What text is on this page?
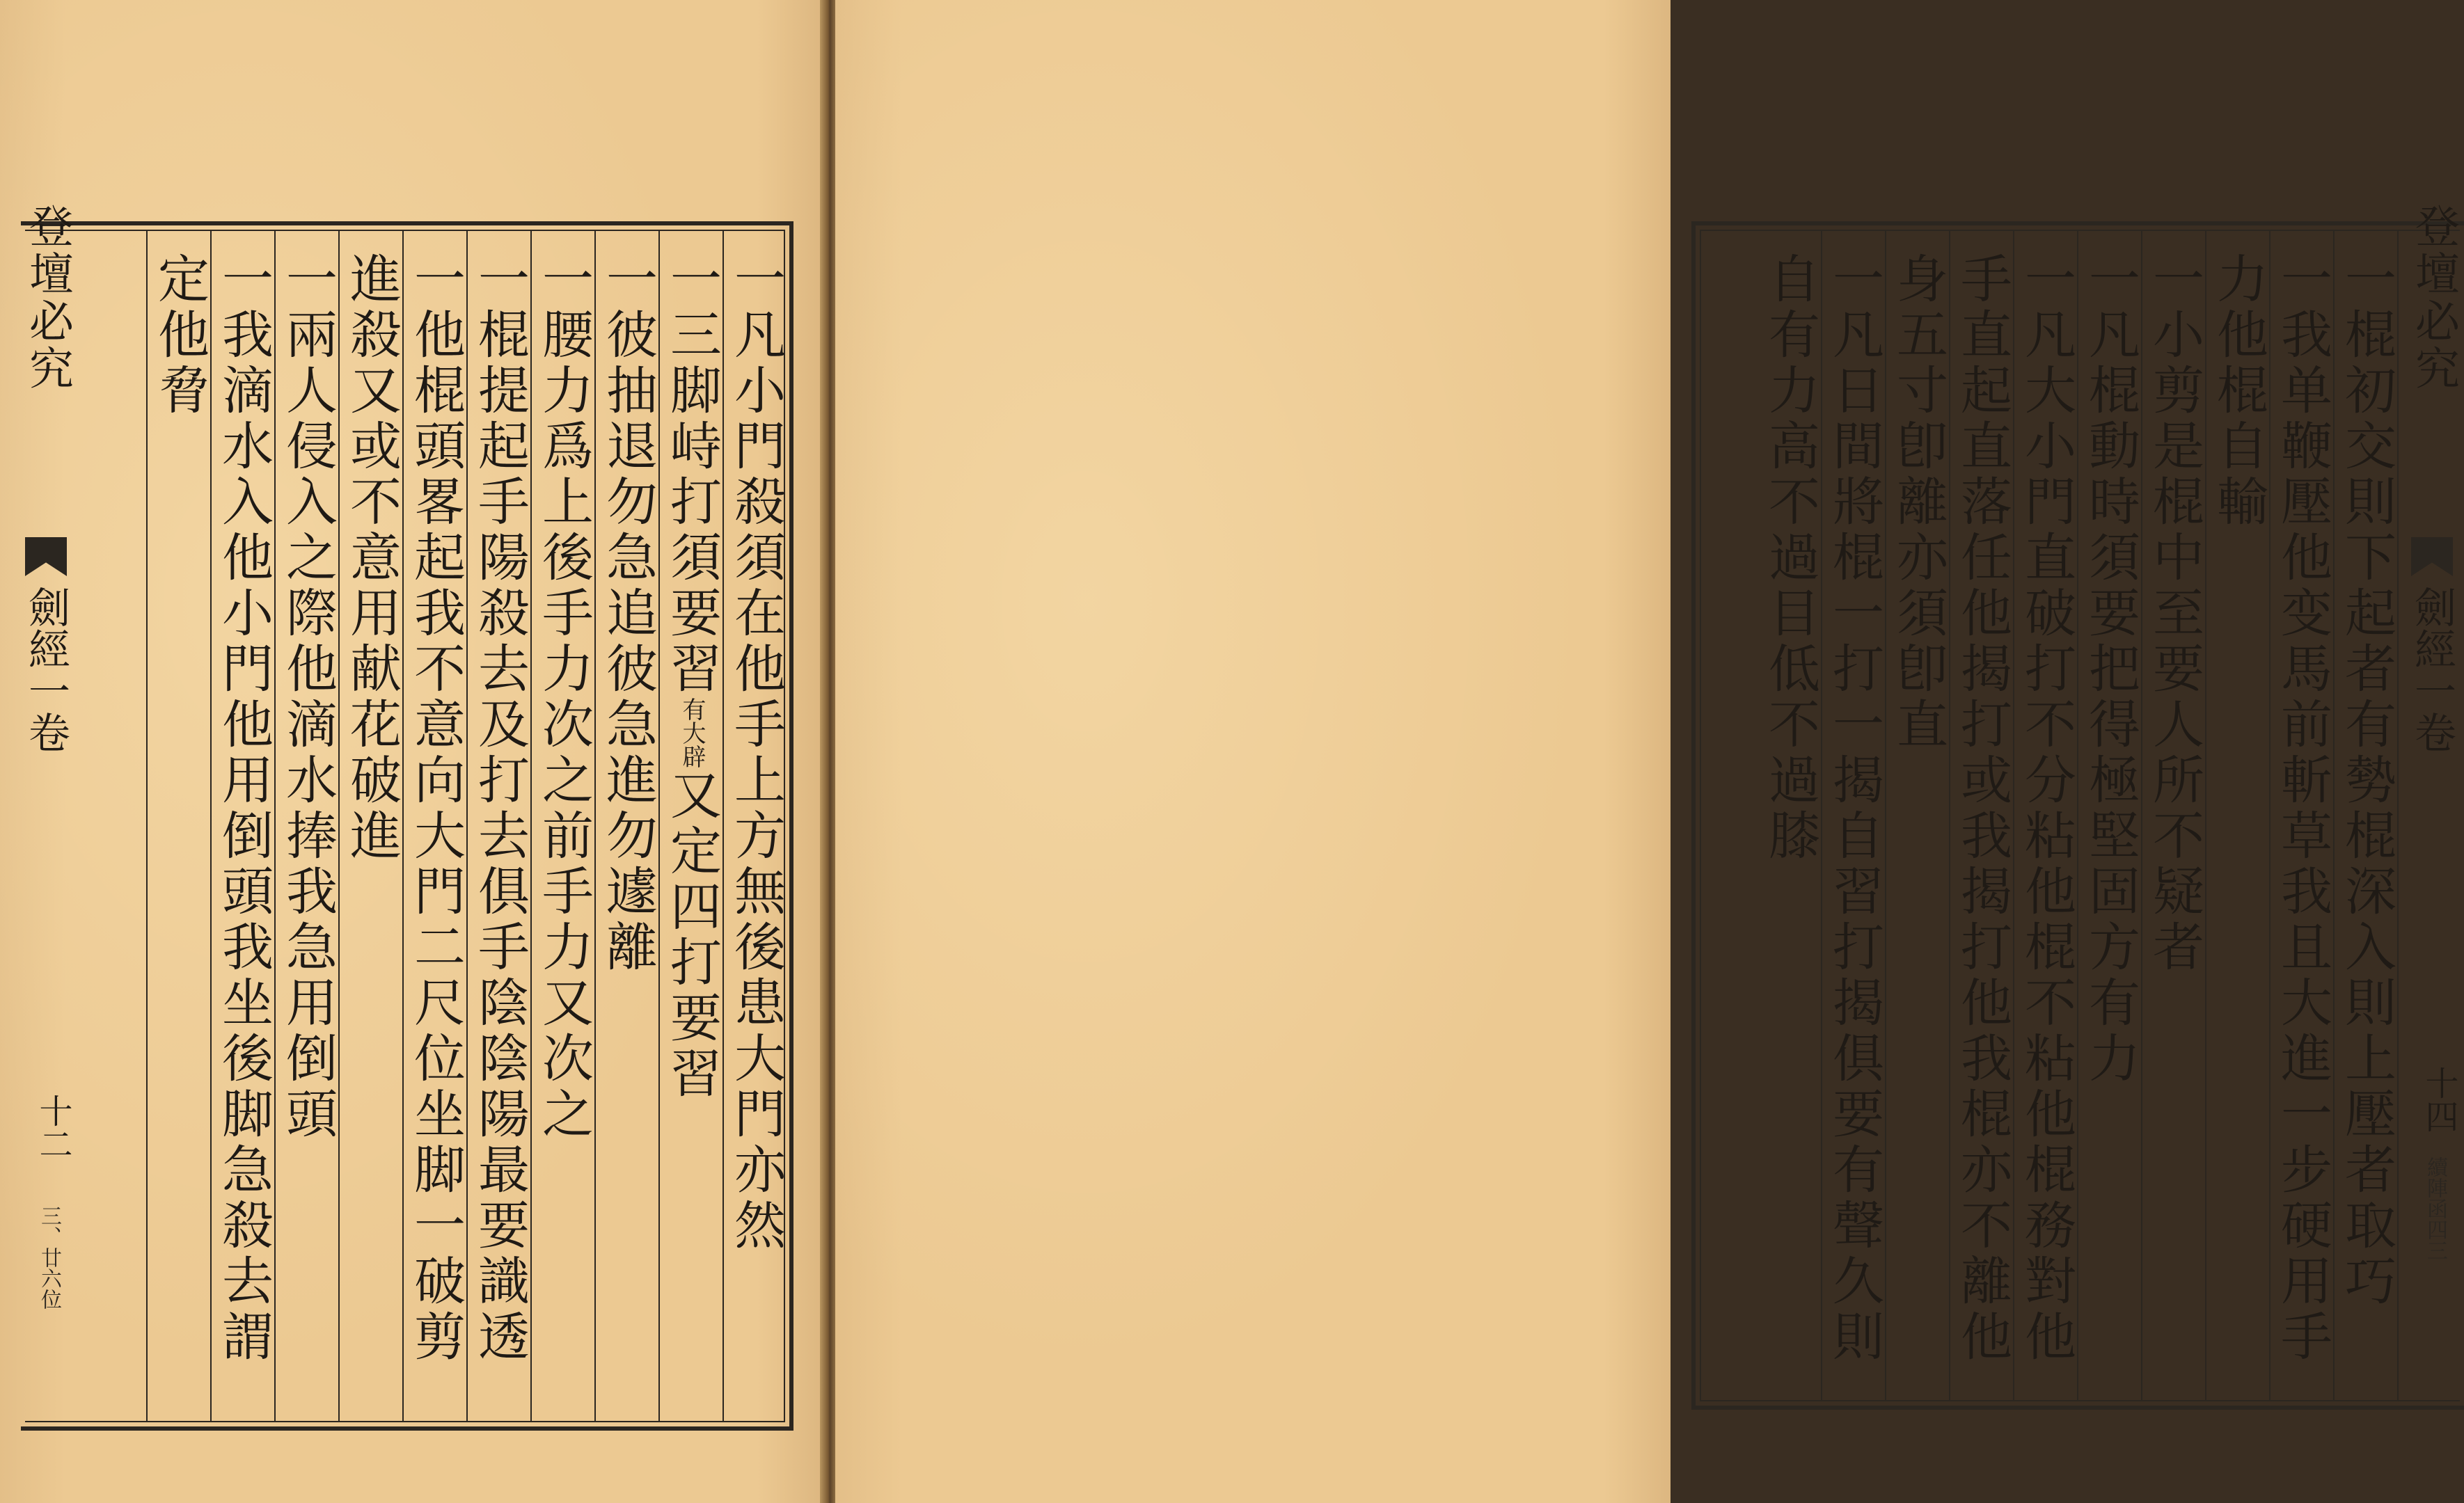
登壇必究
劍經一卷
十二
三、廿六位
一凡小門殺須在他手上方無後患大門亦然
一三脚峙打須要習有大辟又定四打要習
一彼抽退勿急追彼急進勿遽離
一腰力爲上後手力次之前手力又次之
一棍提起手陽殺去及打去俱手陰陰陽最要識透
一他棍頭畧起我不意向大門二尺位坐脚一破剪
進殺又或不意用献花破進
一兩人侵入之際他滴水捧我急用倒頭
一我滴水入他小門他用倒頭我坐後脚急殺去謂
定他脅	一棍初交則下起者有勢棍深入則上壓者取巧
一我单鞭壓他变馬前斬草我且大進一步硬用手
力他棍自輸
一小剪是棍中至要人所不疑者
一凡棍動時須要把得極堅固方有力
一凡大小門直破打不分粘他棍不粘他棍務對他
手直起直落任他揭打或我揭打他我棍亦不離他
身五寸卽離亦須卽直
一凡日間將棍一打一揭自習打揭俱要有聲久則
自有力高不過目低不過膝	登壇必究
劍經一卷
十四
續陣函四三
